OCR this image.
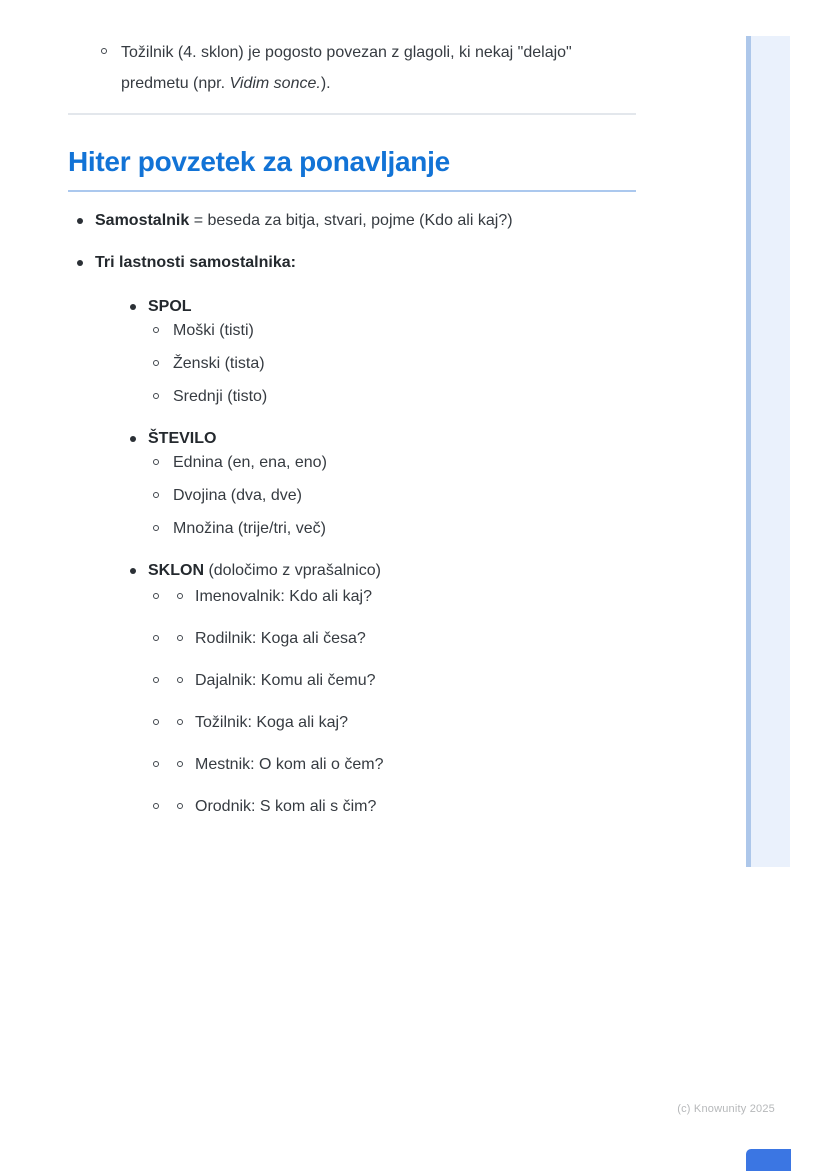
Tožilnik (4. sklon) je pogosto povezan z glagoli, ki nekaj "delajo" predmetu (npr. Vidim sonce.).
Hiter povzetek za ponavljanje
Samostalnik = beseda za bitja, stvari, pojme (Kdo ali kaj?)
Tri lastnosti samostalnika:
SPOL
Moški (tisti)
Ženski (tista)
Srednji (tisto)
ŠTEVILO
Ednina (en, ena, eno)
Dvojina (dva, dve)
Množina (trije/tri, več)
SKLON (določimo z vprašalnico)
Imenovalnik: Kdo ali kaj?
Rodilnik: Koga ali česa?
Dajalnik: Komu ali čemu?
Tožilnik: Koga ali kaj?
Mestnik: O kom ali o čem?
Orodnik: S kom ali s čim?
(c) Knowunity 2025
